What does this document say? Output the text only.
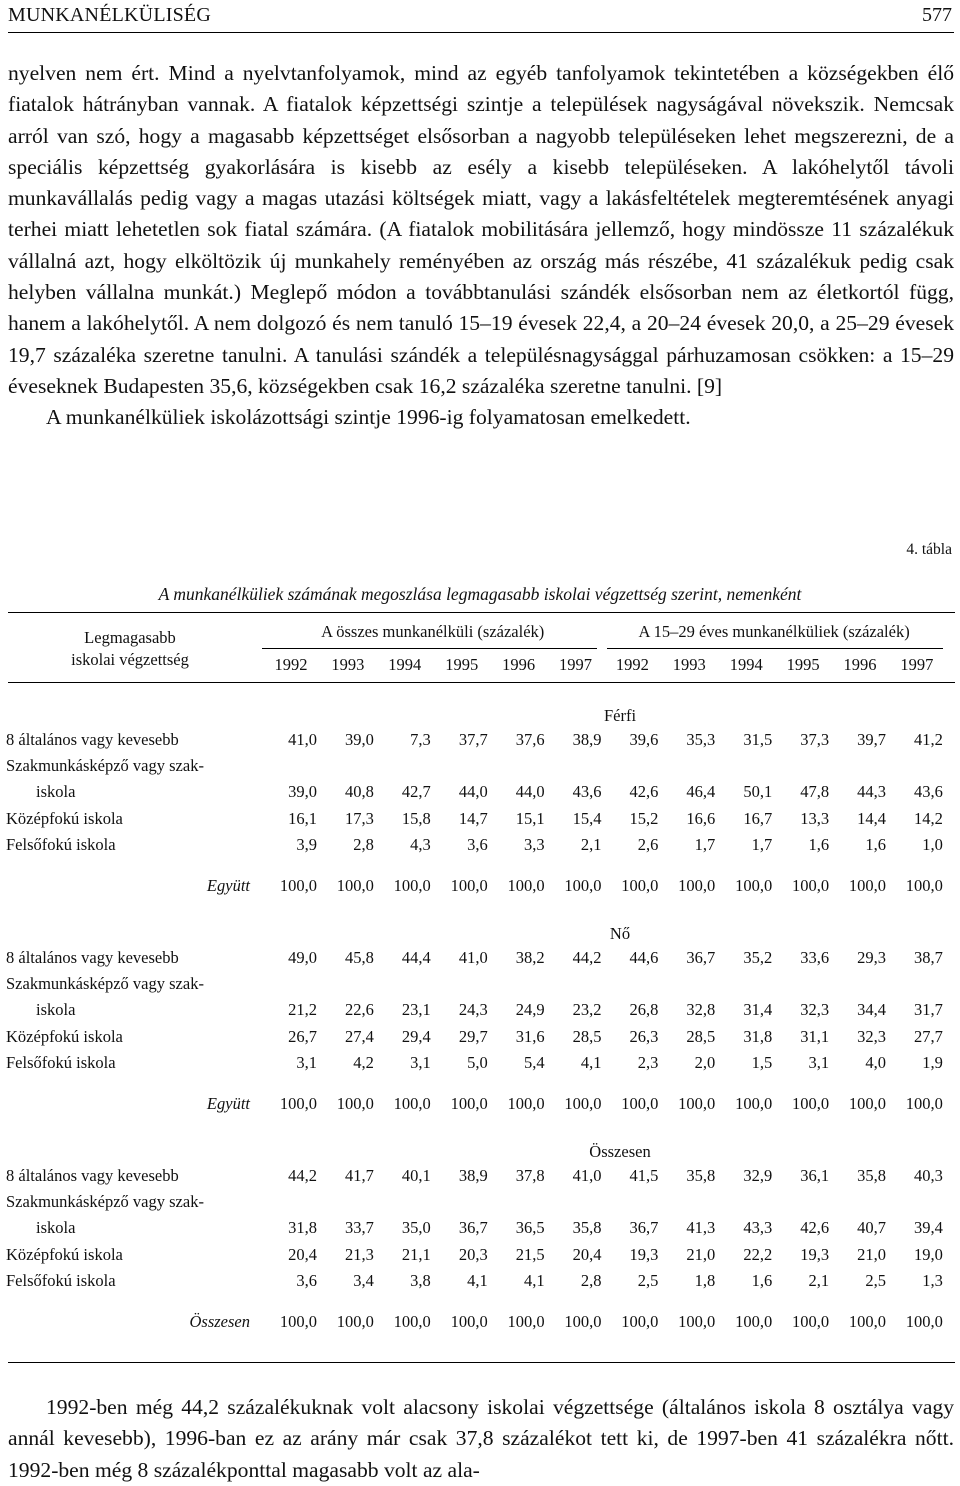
MUNKANÉLKÜLISÉG	577

nyelven nem ért. Mind a nyelvtanfolyamok, mind az egyéb tanfolyamok tekintetében a községekben élő fiatalok hátrányban vannak. A fiatalok képzettségi szintje a települések nagyságával növekszik. Nemcsak arról van szó, hogy a magasabb képzettséget elsősorban a nagyobb településeken lehet megszerezni, de a speciális képzettség gyakorlására is kisebb az esély a kisebb településeken. A lakóhelytől távoli munkavállalás pedig vagy a magas utazási költségek miatt, vagy a lakásfeltételek megteremtésének anyagi terhei miatt lehetetlen sok fiatal számára. (A fiatalok mobilitására jellemző, hogy mindössze 11 százalékuk vállalná azt, hogy elköltözik új munkahely reményében az ország más részébe, 41 százalékuk pedig csak helyben vállalna munkát.) Meglepő módon a továbbtanulási szándék elsősorban nem az életkortól függ, hanem a lakóhelytől. A nem dolgozó és nem tanuló 15–19 évesek 22,4, a 20–24 évesek 20,0, a 25–29 évesek 19,7 százaléka szeretne tanulni. A tanulási szándék a településnagysággal párhuzamosan csökken: a 15–29 éveseknek Budapesten 35,6, községekben csak 16,2 százaléka szeretne tanulni. [9]

A munkanélküliek iskolázottsági szintje 1996-ig folyamatosan emelkedett.

4. tábla
A munkanélküliek számának megoszlása legmagasabb iskolai végzettség szerint, nemenként
Legmagasabb
iskolai végzettség
A összes munkanélküli (százalék)	A 15–29 éves munkanélküliek (százalék)
1992	1993	1994	1995	1996	1997	1992	1993	1994	1995	1996	1997
Férfi
8 általános vagy kevesebb	41,0	39,0	7,3	37,7	37,6	38,9	39,6	35,3	31,5	37,3	39,7	41,2
Szakmunkásképző vagy szak-
iskola	39,0	40,8	42,7	44,0	44,0	43,6	42,6	46,4	50,1	47,8	44,3	43,6
Középfokú iskola	16,1	17,3	15,8	14,7	15,1	15,4	15,2	16,6	16,7	13,3	14,4	14,2
Felsőfokú iskola	3,9	2,8	4,3	3,6	3,3	2,1	2,6	1,7	1,7	1,6	1,6	1,0
Együtt	100,0	100,0	100,0	100,0	100,0	100,0	100,0	100,0	100,0	100,0	100,0	100,0
Nő
8 általános vagy kevesebb	49,0	45,8	44,4	41,0	38,2	44,2	44,6	36,7	35,2	33,6	29,3	38,7
Szakmunkásképző vagy szak-
iskola	21,2	22,6	23,1	24,3	24,9	23,2	26,8	32,8	31,4	32,3	34,4	31,7
Középfokú iskola	26,7	27,4	29,4	29,7	31,6	28,5	26,3	28,5	31,8	31,1	32,3	27,7
Felsőfokú iskola	3,1	4,2	3,1	5,0	5,4	4,1	2,3	2,0	1,5	3,1	4,0	1,9
Együtt	100,0	100,0	100,0	100,0	100,0	100,0	100,0	100,0	100,0	100,0	100,0	100,0
Összesen
8 általános vagy kevesebb	44,2	41,7	40,1	38,9	37,8	41,0	41,5	35,8	32,9	36,1	35,8	40,3
Szakmunkásképző vagy szak-
iskola	31,8	33,7	35,0	36,7	36,5	35,8	36,7	41,3	43,3	42,6	40,7	39,4
Középfokú iskola	20,4	21,3	21,1	20,3	21,5	20,4	19,3	21,0	22,2	19,3	21,0	19,0
Felsőfokú iskola	3,6	3,4	3,8	4,1	4,1	2,8	2,5	1,8	1,6	2,1	2,5	1,3
Összesen	100,0	100,0	100,0	100,0	100,0	100,0	100,0	100,0	100,0	100,0	100,0	100,0

1992-ben még 44,2 százalékuknak volt alacsony iskolai végzettsége (általános iskola 8 osztálya vagy annál kevesebb), 1996-ban ez az arány már csak 37,8 százalékot tett ki, de 1997-ben 41 százalékra nőtt. 1992-ben még 8 százalékponttal magasabb volt az ala-
